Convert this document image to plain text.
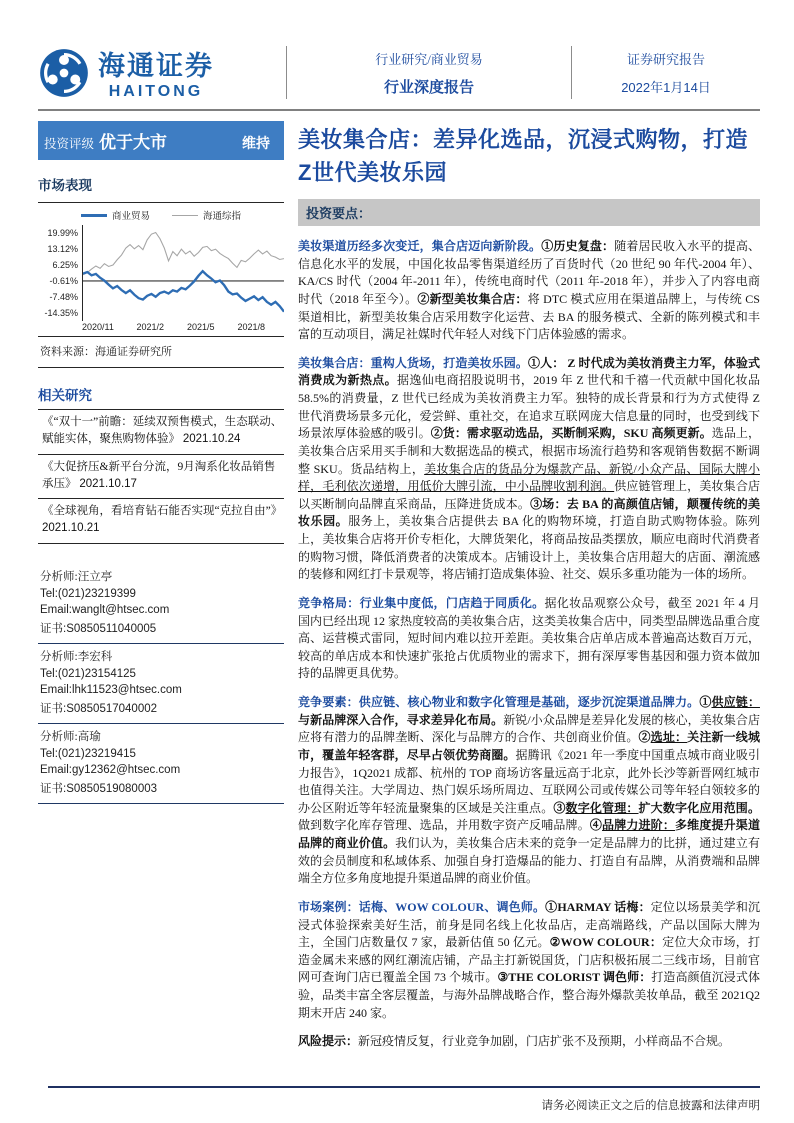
海通证券
HAITONG
行业研究/商业贸易
行业深度报告
证券研究报告
2022年1月14日
投资评级 优于大市	维持
市场表现
商业贸易	海通综指
19.99%
13.12%
6.25%
-0.61%
-7.48%
-14.35%
2020/11	2021/2	2021/5	2021/8
资料来源：海通证券研究所
相关研究
《“双十一”前瞻：延续双预售模式，生态联动、赋能实体，聚焦购物体验》 2021.10.24
《大促挤压&新平台分流，9月淘系化妆品销售承压》 2021.10.17
《全球视角，看培育钻石能否实现“克拉自由”》 2021.10.21
分析师:汪立亭
Tel:(021)23219399
Email:wanglt@htsec.com
证书:S0850511040005
分析师:李宏科
Tel:(021)23154125
Email:lhk11523@htsec.com
证书:S0850517040002
分析师:高瑜
Tel:(021)23219415
Email:gy12362@htsec.com
证书:S0850519080003
美妆集合店：差异化选品，沉浸式购物，打造Z世代美妆乐园
投资要点：

美妆渠道历经多次变迁，集合店迈向新阶段。①历史复盘：随着居民收入水平的提高、信息化水平的发展，中国化妆品零售渠道经历了百货时代（20 世纪 90 年代-2004 年）、KA/CS 时代（2004 年-2011 年），传统电商时代（2011 年-2018 年），并步入了内容电商时代（2018 年至今）。②新型美妆集合店：将 DTC 模式应用在渠道品牌上，与传统 CS 渠道相比，新型美妆集合店采用数字化运营、去 BA 的服务模式、全新的陈列模式和丰富的互动项目，满足社媒时代年轻人对线下门店体验感的需求。

美妆集合店：重构人货场，打造美妆乐园。①人： Z 时代成为美妆消费主力军，体验式消费成为新热点。据逸仙电商招股说明书，2019 年 Z 世代和千禧一代贡献中国化妆品 58.5%的消费量，Z 世代已经成为美妆消费主力军。独特的成长背景和行为方式使得 Z 世代消费场景多元化，爱尝鲜、重社交，在追求互联网庞大信息量的同时，也受到线下场景浓厚体验感的吸引。②货：需求驱动选品，买断制采购，SKU 高频更新。选品上，美妆集合店采用买手制和大数据选品的模式，根据市场流行趋势和客观销售数据不断调整 SKU。货品结构上，美妆集合店的货品分为爆款产品、新锐/小众产品、国际大牌小样，毛利依次递增，用低价大牌引流，中小品牌收割利润。供应链管理上，美妆集合店以买断制向品牌直采商品，压降进货成本。③场：去 BA 的高颜值店铺，颠覆传统的美妆乐园。服务上，美妆集合店提供去 BA 化的购物环境，打造自助式购物体验。陈列上，美妆集合店将开价专柜化，大牌货架化，将商品按品类摆放，顺应电商时代消费者的购物习惯，降低消费者的决策成本。店铺设计上，美妆集合店用超大的店面、潮流感的装修和网红打卡景观等，将店铺打造成集体验、社交、娱乐多重功能为一体的场所。

竞争格局：行业集中度低，门店趋于同质化。据化妆品观察公众号，截至 2021 年 4 月国内已经出现 12 家热度较高的美妆集合店，这类美妆集合店中，同类型品牌选品重合度高、运营模式雷同，短时间内难以拉开差距。美妆集合店单店成本普遍高达数百万元，较高的单店成本和快速扩张抢占优质物业的需求下，拥有深厚零售基因和强力资本做加持的品牌更具优势。

竞争要素：供应链、核心物业和数字化管理是基础，逐步沉淀渠道品牌力。①供应链：与新品牌深入合作，寻求差异化布局。新锐/小众品牌是差异化发展的核心，美妆集合店应将有潜力的品牌垄断、深化与品牌方的合作、共创商业价值。②选址：关注新一线城市，覆盖年轻客群，尽早占领优势商圈。据腾讯《2021 年一季度中国重点城市商业吸引力报告》，1Q2021 成都、杭州的 TOP 商场访客量远高于北京，此外长沙等新晋网红城市也值得关注。大学周边、热门娱乐场所周边、互联网公司或传媒公司等年轻白领较多的办公区附近等年轻流量聚集的区域是关注重点。③数字化管理：扩大数字化应用范围。做到数字化库存管理、选品，并用数字资产反哺品牌。④品牌力进阶：多维度提升渠道品牌的商业价值。我们认为，美妆集合店未来的竞争一定是品牌力的比拼，通过建立有效的会员制度和私域体系、加强自身打造爆品的能力、打造自有品牌，从消费端和品牌端全方位多角度地提升渠道品牌的商业价值。

市场案例：话梅、WOW COLOUR、调色师。①HARMAY 话梅：定位以场景美学和沉浸式体验探索美好生活，前身是同名线上化妆品店，走高端路线，产品以国际大牌为主，全国门店数量仅 7 家，最新估值 50 亿元。②WOW COLOUR：定位大众市场，打造金属未来感的网红潮流店铺，产品主打新锐国货，门店积极拓展二三线市场，目前官网可查询门店已覆盖全国 73 个城市。③THE COLORIST 调色师：打造高颜值沉浸式体验，品类丰富全客层覆盖，与海外品牌战略合作，整合海外爆款美妆单品，截至 2021Q2 期末开店 240 家。

风险提示：新冠疫情反复，行业竞争加剧，门店扩张不及预期，小样商品不合规。

请务必阅读正文之后的信息披露和法律声明
